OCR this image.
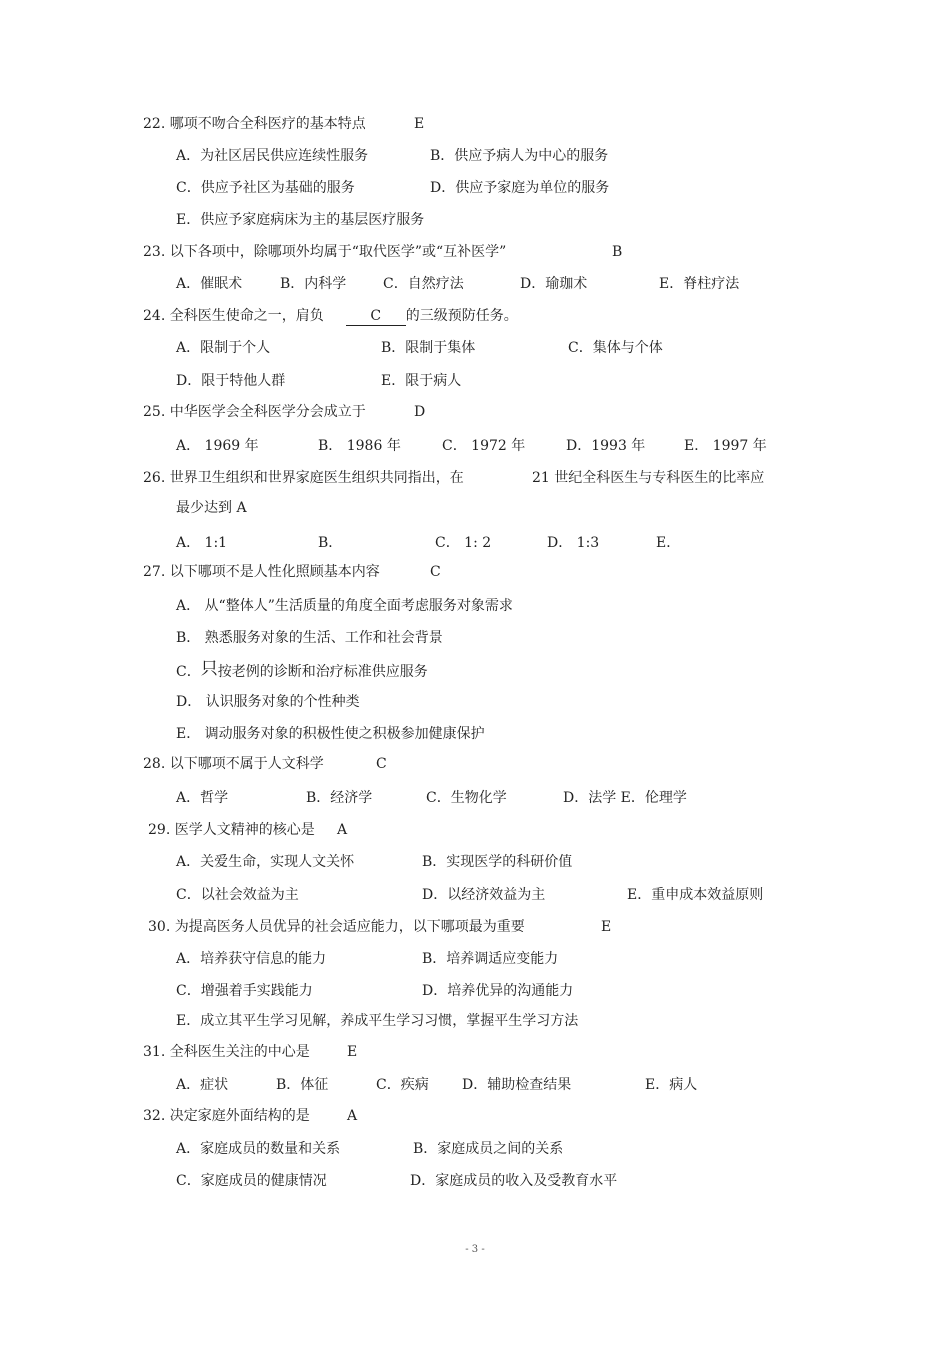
22. 哪项不吻合全科医疗的基本特点	E
A．为社区居民供应连续性服务	B．供应予病人为中心的服务
C．供应予社区为基础的服务	D．供应予家庭为单位的服务
E．供应予家庭病床为主的基层医疗服务
23. 以下各项中，除哪项外均属于“取代医学”或“互补医学”	B
A．催眠术	B．内科学	C．自然疗法	D．瑜珈术	E．脊柱疗法
24. 全科医生使命之一，肩负	C 的三级预防任务。
A．限制于个人	B．限制于集体	C．集体与个体
D．限于特他人群	E．限于病人
25. 中华医学会全科医学分会成立于	D
A． 1969 年	B． 1986 年	C． 1972 年	D．1993 年	E． 1997 年
26. 世界卫生组织和世界家庭医生组织共同指出，在	21 世纪全科医生与专科医生的比率应
最少达到 A
A． 1:1	B．	C． 1: 2	D． 1:3	E．
27. 以下哪项不是人性化照顾基本内容	C
A． 从“整体人”生活质量的角度全面考虑服务对象需求
B． 熟悉服务对象的生活、工作和社会背景
C．只按老例的诊断和治疗标准供应服务
D． 认识服务对象的个性种类
E． 调动服务对象的积极性使之积极参加健康保护
28. 以下哪项不属于人文科学	C
A．哲学	B．经济学	C．生物化学	D．法学 E．伦理学
29. 医学人文精神的核心是 A
A．关爱生命，实现人文关怀	B．实现医学的科研价值
C．以社会效益为主	D．以经济效益为主	E．重申成本效益原则
30. 为提高医务人员优异的社会适应能力，以下哪项最为重要	E
A．培养获守信息的能力	B．培养调适应变能力
C．增强着手实践能力	D．培养优异的沟通能力
E．成立其平生学习见解，养成平生学习习惯，掌握平生学习方法
31. 全科医生关注的中心是	E
A．症状	B．体征	C．疾病 D．辅助检查结果	E．病人
32. 决定家庭外面结构的是	A
A．家庭成员的数量和关系	B．家庭成员之间的关系
C．家庭成员的健康情况	D．家庭成员的收入及受教育水平
- 3 -
